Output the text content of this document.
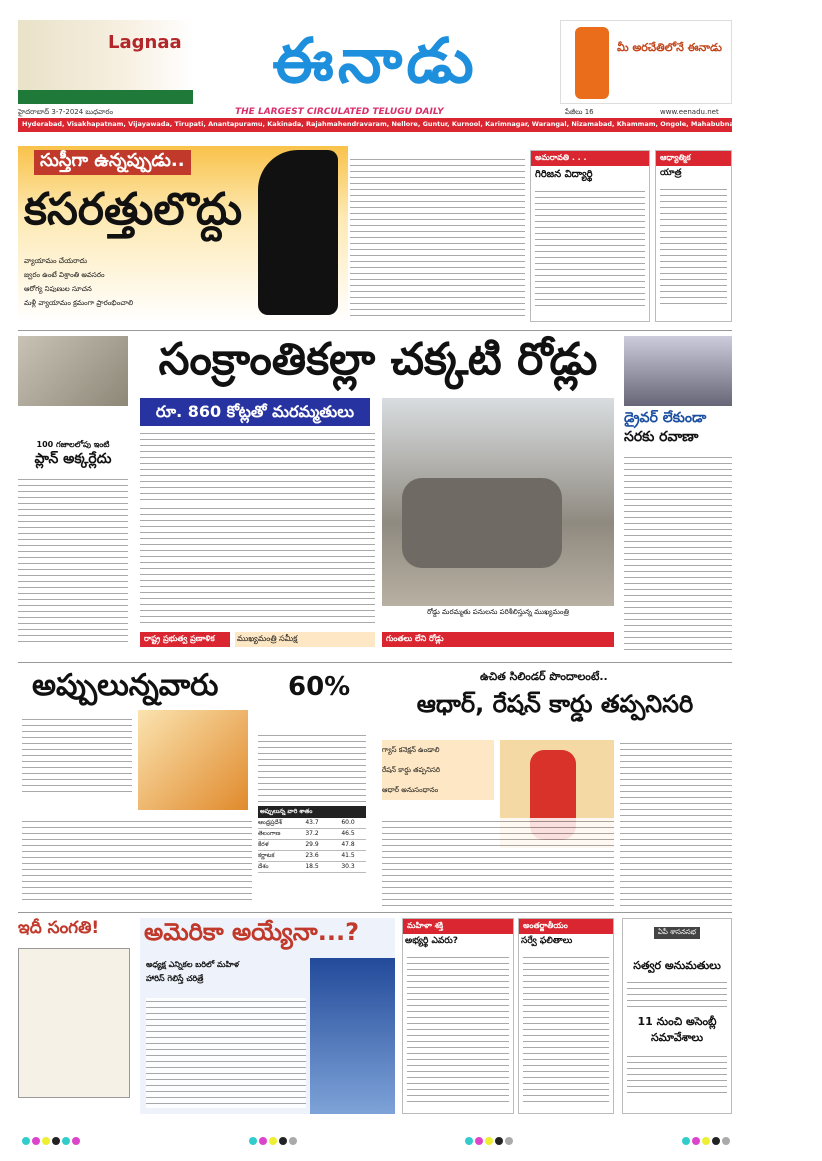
Lagnaa	ఈనాడు	మీ అరచేతిలోనే ఈనాడు
హైదరాబాద్ 3-7-2024 బుధవారం	THE LARGEST CIRCULATED TELUGU DAILY	పేజీలు 16	www.eenadu.net
Hyderabad, Visakhapatnam, Vijayawada, Tirupati, Anantapuramu, Kakinada, Rajahmahendravaram, Nellore, Guntur, Kurnool, Karimnagar, Warangal, Nizamabad, Khammam, Ongole, Mahabubnagar, Chennai, Bengaluru
సుస్తీగా ఉన్నప్పుడు..
కసరత్తులొద్దు
వ్యాయామం చేయరాదు
జ్వరం ఉంటే విశ్రాంతి అవసరం
ఆరోగ్య నిపుణుల సూచన
మళ్లీ వ్యాయామం క్రమంగా ప్రారంభించాలి
అమరావతి . . .
గిరిజన విద్యార్థి
ఆధ్యాత్మిక
యాత్ర
100 గజాలలోపు ఇంటి
ప్లాన్ అక్కర్లేదు
సంక్రాంతికల్లా చక్కటి రోడ్లు
రూ. 860 కోట్లతో మరమ్మతులు
రోడ్డు మరమ్మతు పనులను పరిశీలిస్తున్న ముఖ్యమంత్రి
రాష్ట్ర ప్రభుత్వ ప్రణాళిక	ముఖ్యమంత్రి సమీక్ష	గుంతలు లేని రోడ్లు
డ్రైవర్ లేకుండా
సరకు రవాణా
అప్పులున్నవారు	60%
అప్పులున్న వారి శాతం
ఆంధ్రప్రదేశ్	43.7	60.0
తెలంగాణ	37.2	46.5
కేరళ	29.9	47.8
కర్ణాటక	23.6	41.5
దేశం	18.5	30.3
ఉచిత సిలిండర్ పొందాలంటే..
ఆధార్, రేషన్ కార్డు తప్పనిసరి
గ్యాస్ కనెక్షన్ ఉండాలి
రేషన్ కార్డు తప్పనిసరి
ఆధార్ అనుసంధానం
ఇదీ సంగతి!	అమెరికా అయ్యేనా...?
అధ్యక్ష ఎన్నికల బరిలో మహిళ
హారిస్ గెలిస్తే చరిత్రే
మహిళా శక్తి
అభ్యర్థి ఎవరు?
అంతర్జాతీయం
సర్వే ఫలితాలు
ఏపీ శాసనసభ
సత్వర అనుమతులు
11 నుంచి అసెంబ్లీ సమావేశాలు
